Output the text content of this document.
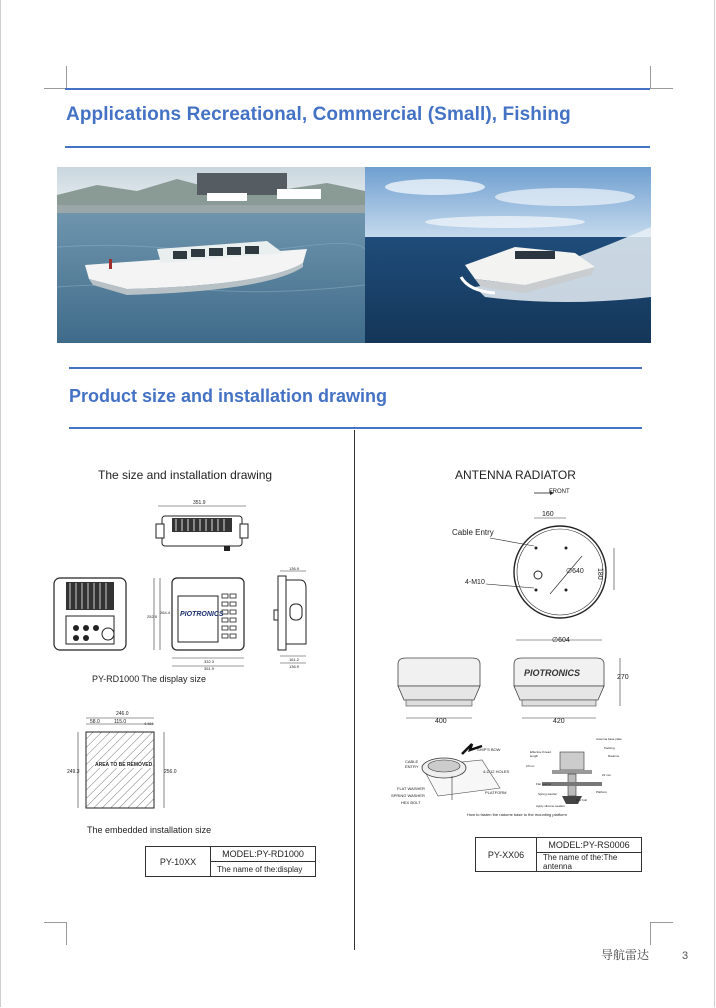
Applications Recreational, Commercial (Small), Fishing
Product size and installation drawing
The size and installation drawing
351.9
PIOTRONICS
252.5
264.4
332.3
351.9
136.9
161.2
136.9
PY-RD1000 The display size
246.0
58.0	115.0	4-M4
249.3	256.0
AREA TO BE REMOVED
The embedded installation size
PY-10XX	MODEL:PY-RD1000
The name of the:display
ANTENNA RADIATOR
FRONT
Cable Entry
160
∅640
4-M10
180
∅604
PIOTRONICS	270
400	420
SHIP'S BOW
CABLE ENTRY
4-∅12 HOLES
PLATFORM
FLAT WASHER
SPRING WASHER
HEX BOLT
Antenna base plate
Packing
Radome
Effective thread length
27mm
22 mm
Flat washer
Spring washer	Platform
Hex bolt
Apply silicone sealant
How to fasten the radome base to the mounting platform
PY-XX06	MODEL:PY-RS0006
The name of the:The antenna
导航雷达	3
